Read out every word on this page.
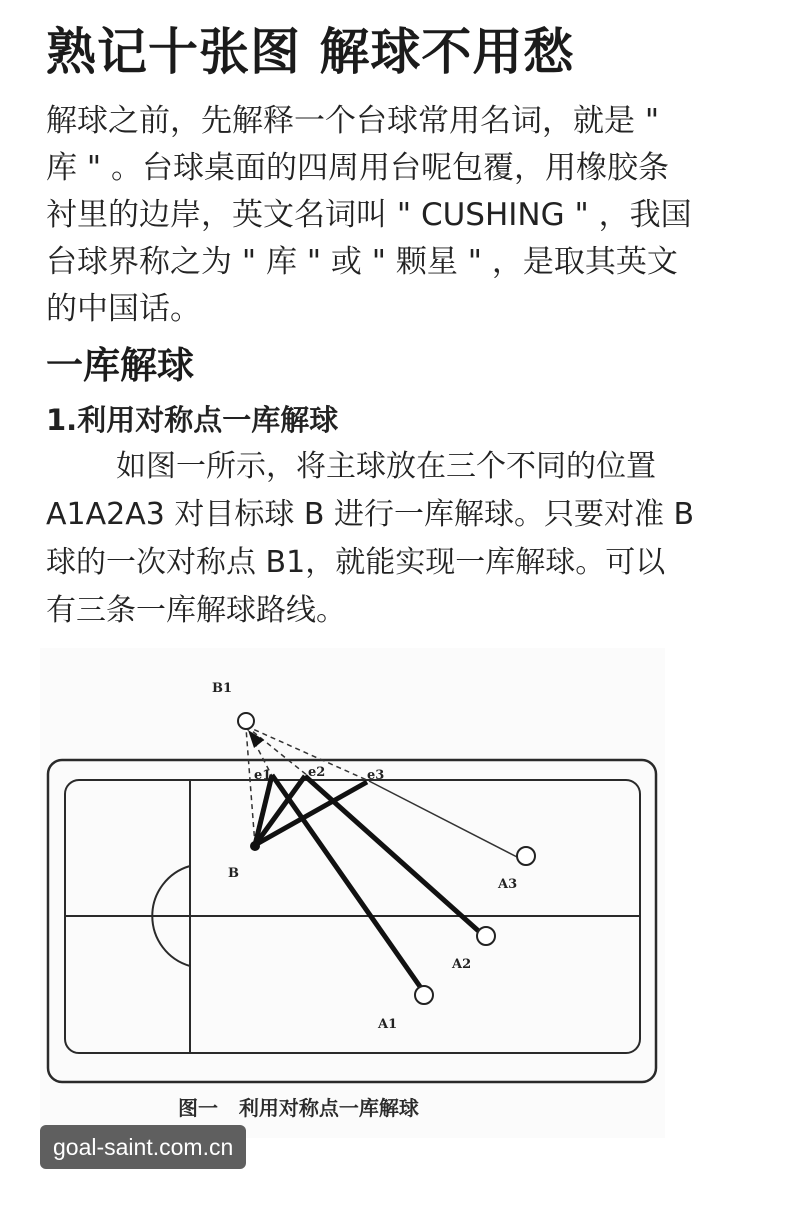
熟记十张图 解球不用愁
解球之前，先解释一个台球常用名词，就是 "
库 " 。台球桌面的四周用台呢包覆，用橡胶条
衬里的边岸，英文名词叫 " CUSHING " ，我国
台球界称之为 " 库 " 或 " 颗星 " ，是取其英文
的中国话。
一库解球
1.利用对称点一库解球
如图一所示，将主球放在三个不同的位置
A1A2A3 对目标球 B 进行一库解球。只要对准 B
球的一次对称点 B1，就能实现一库解球。可以
有三条一库解球路线。
B1
B
e1	e2	e3
A1
A2
A3
图一   利用对称点一库解球
goal-saint.com.cn
